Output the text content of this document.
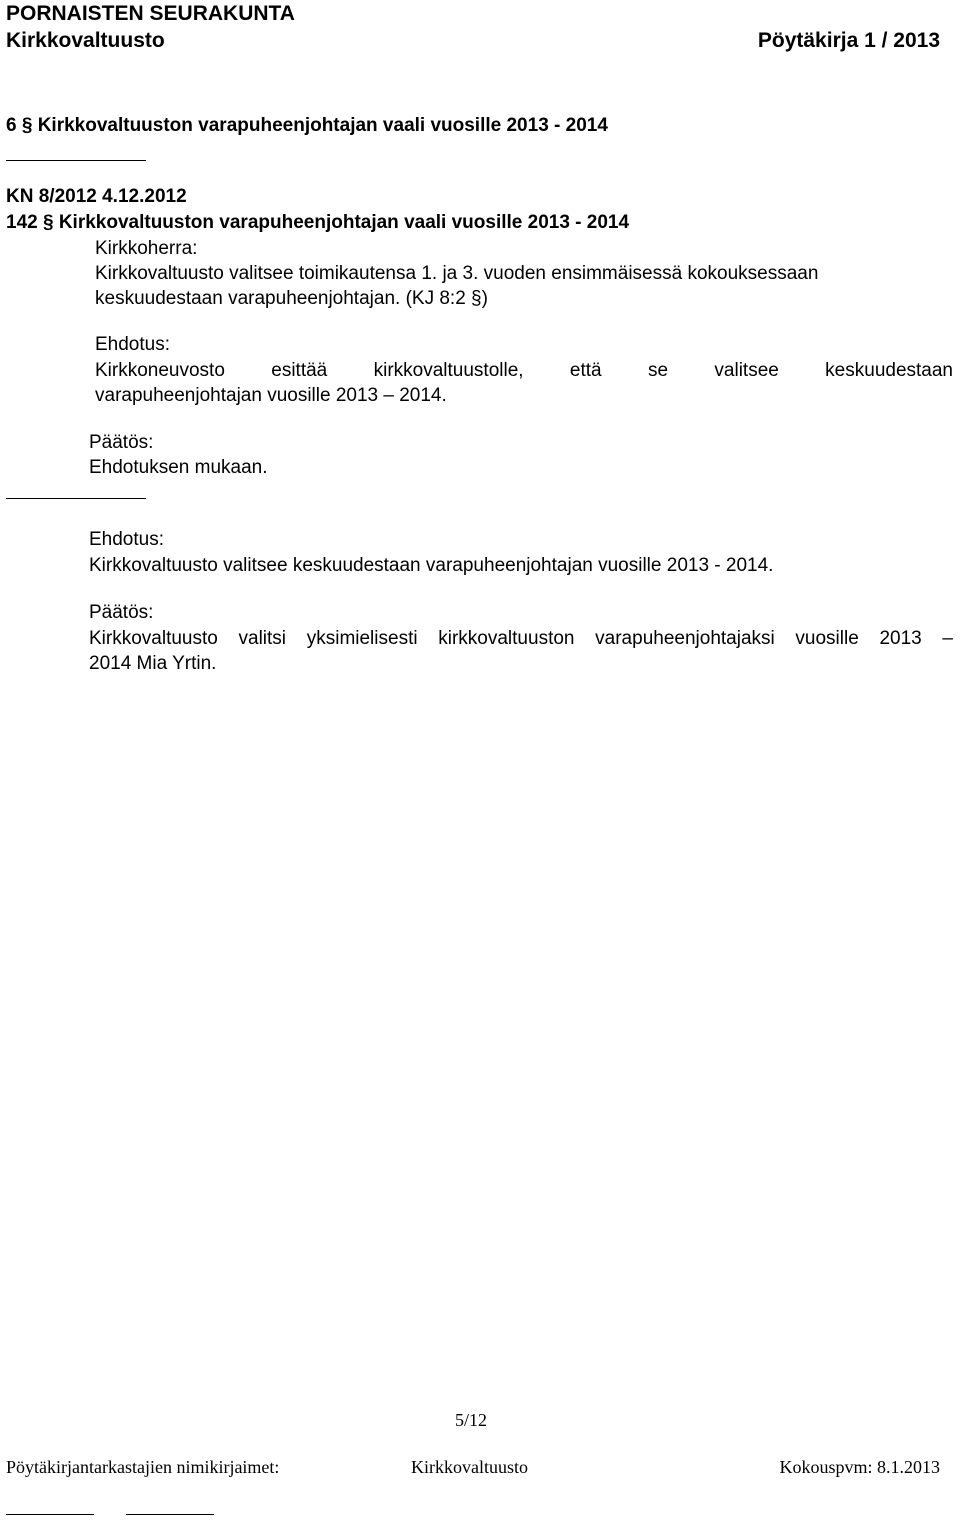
PORNAISTEN SEURAKUNTA
Kirkkovaltuusto	Pöytäkirja 1 / 2013
6 § Kirkkovaltuuston varapuheenjohtajan vaali vuosille 2013 - 2014
KN 8/2012 4.12.2012
142 § Kirkkovaltuuston varapuheenjohtajan vaali vuosille 2013 - 2014
Kirkkoherra:
Kirkkovaltuusto valitsee toimikautensa 1. ja 3. vuoden ensimmäisessä kokouksessaan
keskuudestaan varapuheenjohtajan. (KJ 8:2 §)
Ehdotus:
Kirkkoneuvosto esittää kirkkovaltuustolle, että se valitsee keskuudestaan
varapuheenjohtajan vuosille 2013 – 2014.
Päätös:
Ehdotuksen mukaan.
Ehdotus:
Kirkkovaltuusto valitsee keskuudestaan varapuheenjohtajan vuosille 2013 - 2014.
Päätös:
Kirkkovaltuusto valitsi yksimielisesti kirkkovaltuuston varapuheenjohtajaksi vuosille 2013 –
2014 Mia Yrtin.
5/12
Pöytäkirjantarkastajien nimikirjaimet:	Kirkkovaltuusto	Kokouspvm: 8.1.2013
